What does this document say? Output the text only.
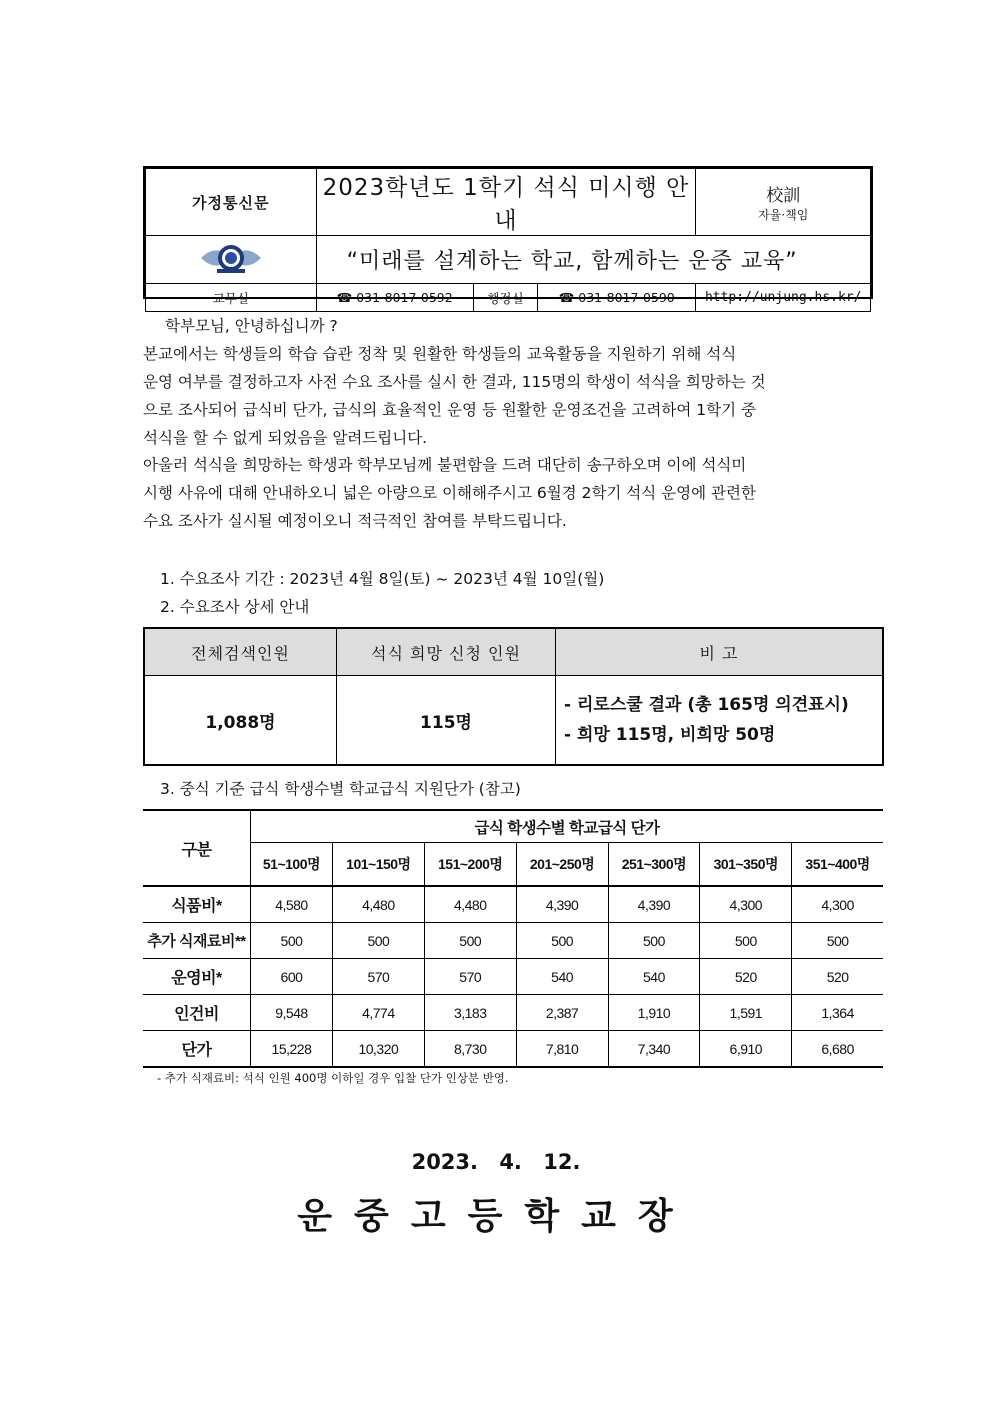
가정통신문	2023학년도 1학기 석식 미시행 안내			校訓
자율·책임

	“미래를 설계하는 학교, 함께하는 운중 교육”			
교무실	☎ 031-8017-0592	행정실	☎ 031-8017-0590	http://unjung.hs.kr/
학부모님, 안녕하십니까 ?
본교에서는 학생들의 학습 습관 정착 및 원활한 학생들의 교육활동을 지원하기 위해 석식
운영 여부를 결정하고자 사전 수요 조사를 실시 한 결과, 115명의 학생이 석식을 희망하는 것
으로 조사되어 급식비 단가, 급식의 효율적인 운영 등 원활한 운영조건을 고려하여 1학기 중
석식을 할 수 없게 되었음을 알려드립니다.
아울러 석식을 희망하는 학생과 학부모님께 불편함을 드려 대단히 송구하오며 이에 석식미
시행 사유에 대해 안내하오니 넓은 아량으로 이해해주시고 6월경 2학기 석식 운영에 관련한
수요 조사가 실시될 예정이오니 적극적인 참여를 부탁드립니다.
1. 수요조사 기간 : 2023년 4월 8일(토) ~ 2023년 4월 10일(월)
2. 수요조사 상세 안내
전체검색인원	석식 희망 신청 인원	비 고
1,088명	115명	- 리로스쿨 결과 (총 165명 의견표시)
- 희망 115명, 비희망 50명
3. 중식 기준 급식 학생수별 학교급식 지원단가 (참고)
구분	급식 학생수별 학교급식 단가						
	51~100명	101~150명	151~200명	201~250명	251~300명	301~350명	351~400명
식품비*	4,580	4,480	4,480	4,390	4,390	4,300	4,300
추가 식재료비**	500	500	500	500	500	500	500
운영비*	600	570	570	540	540	520	520
인건비	9,548	4,774	3,183	2,387	1,910	1,591	1,364
단가	15,228	10,320	8,730	7,810	7,340	6,910	6,680
- 추가 식재료비: 석식 인원 400명 이하일 경우 입찰 단가 인상분 반영.
2023. 4. 12.
운중고등학교장
